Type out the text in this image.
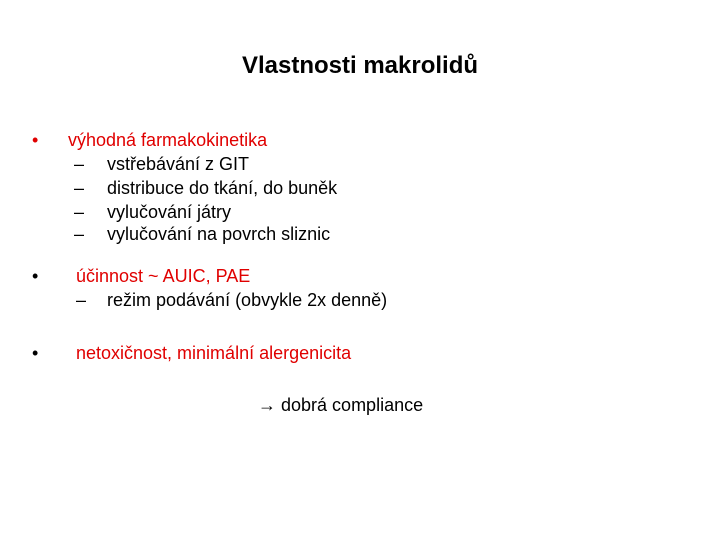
Vlastnosti makrolidů
• výhodná farmakokinetika
– vstřebávání z GIT
– distribuce do tkání, do buněk
– vylučování játry
– vylučování na povrch sliznic
• účinnost ~ AUIC, PAE
– režim podávání (obvykle 2x denně)
• netoxičnost, minimální alergenicita
→ dobrá compliance
